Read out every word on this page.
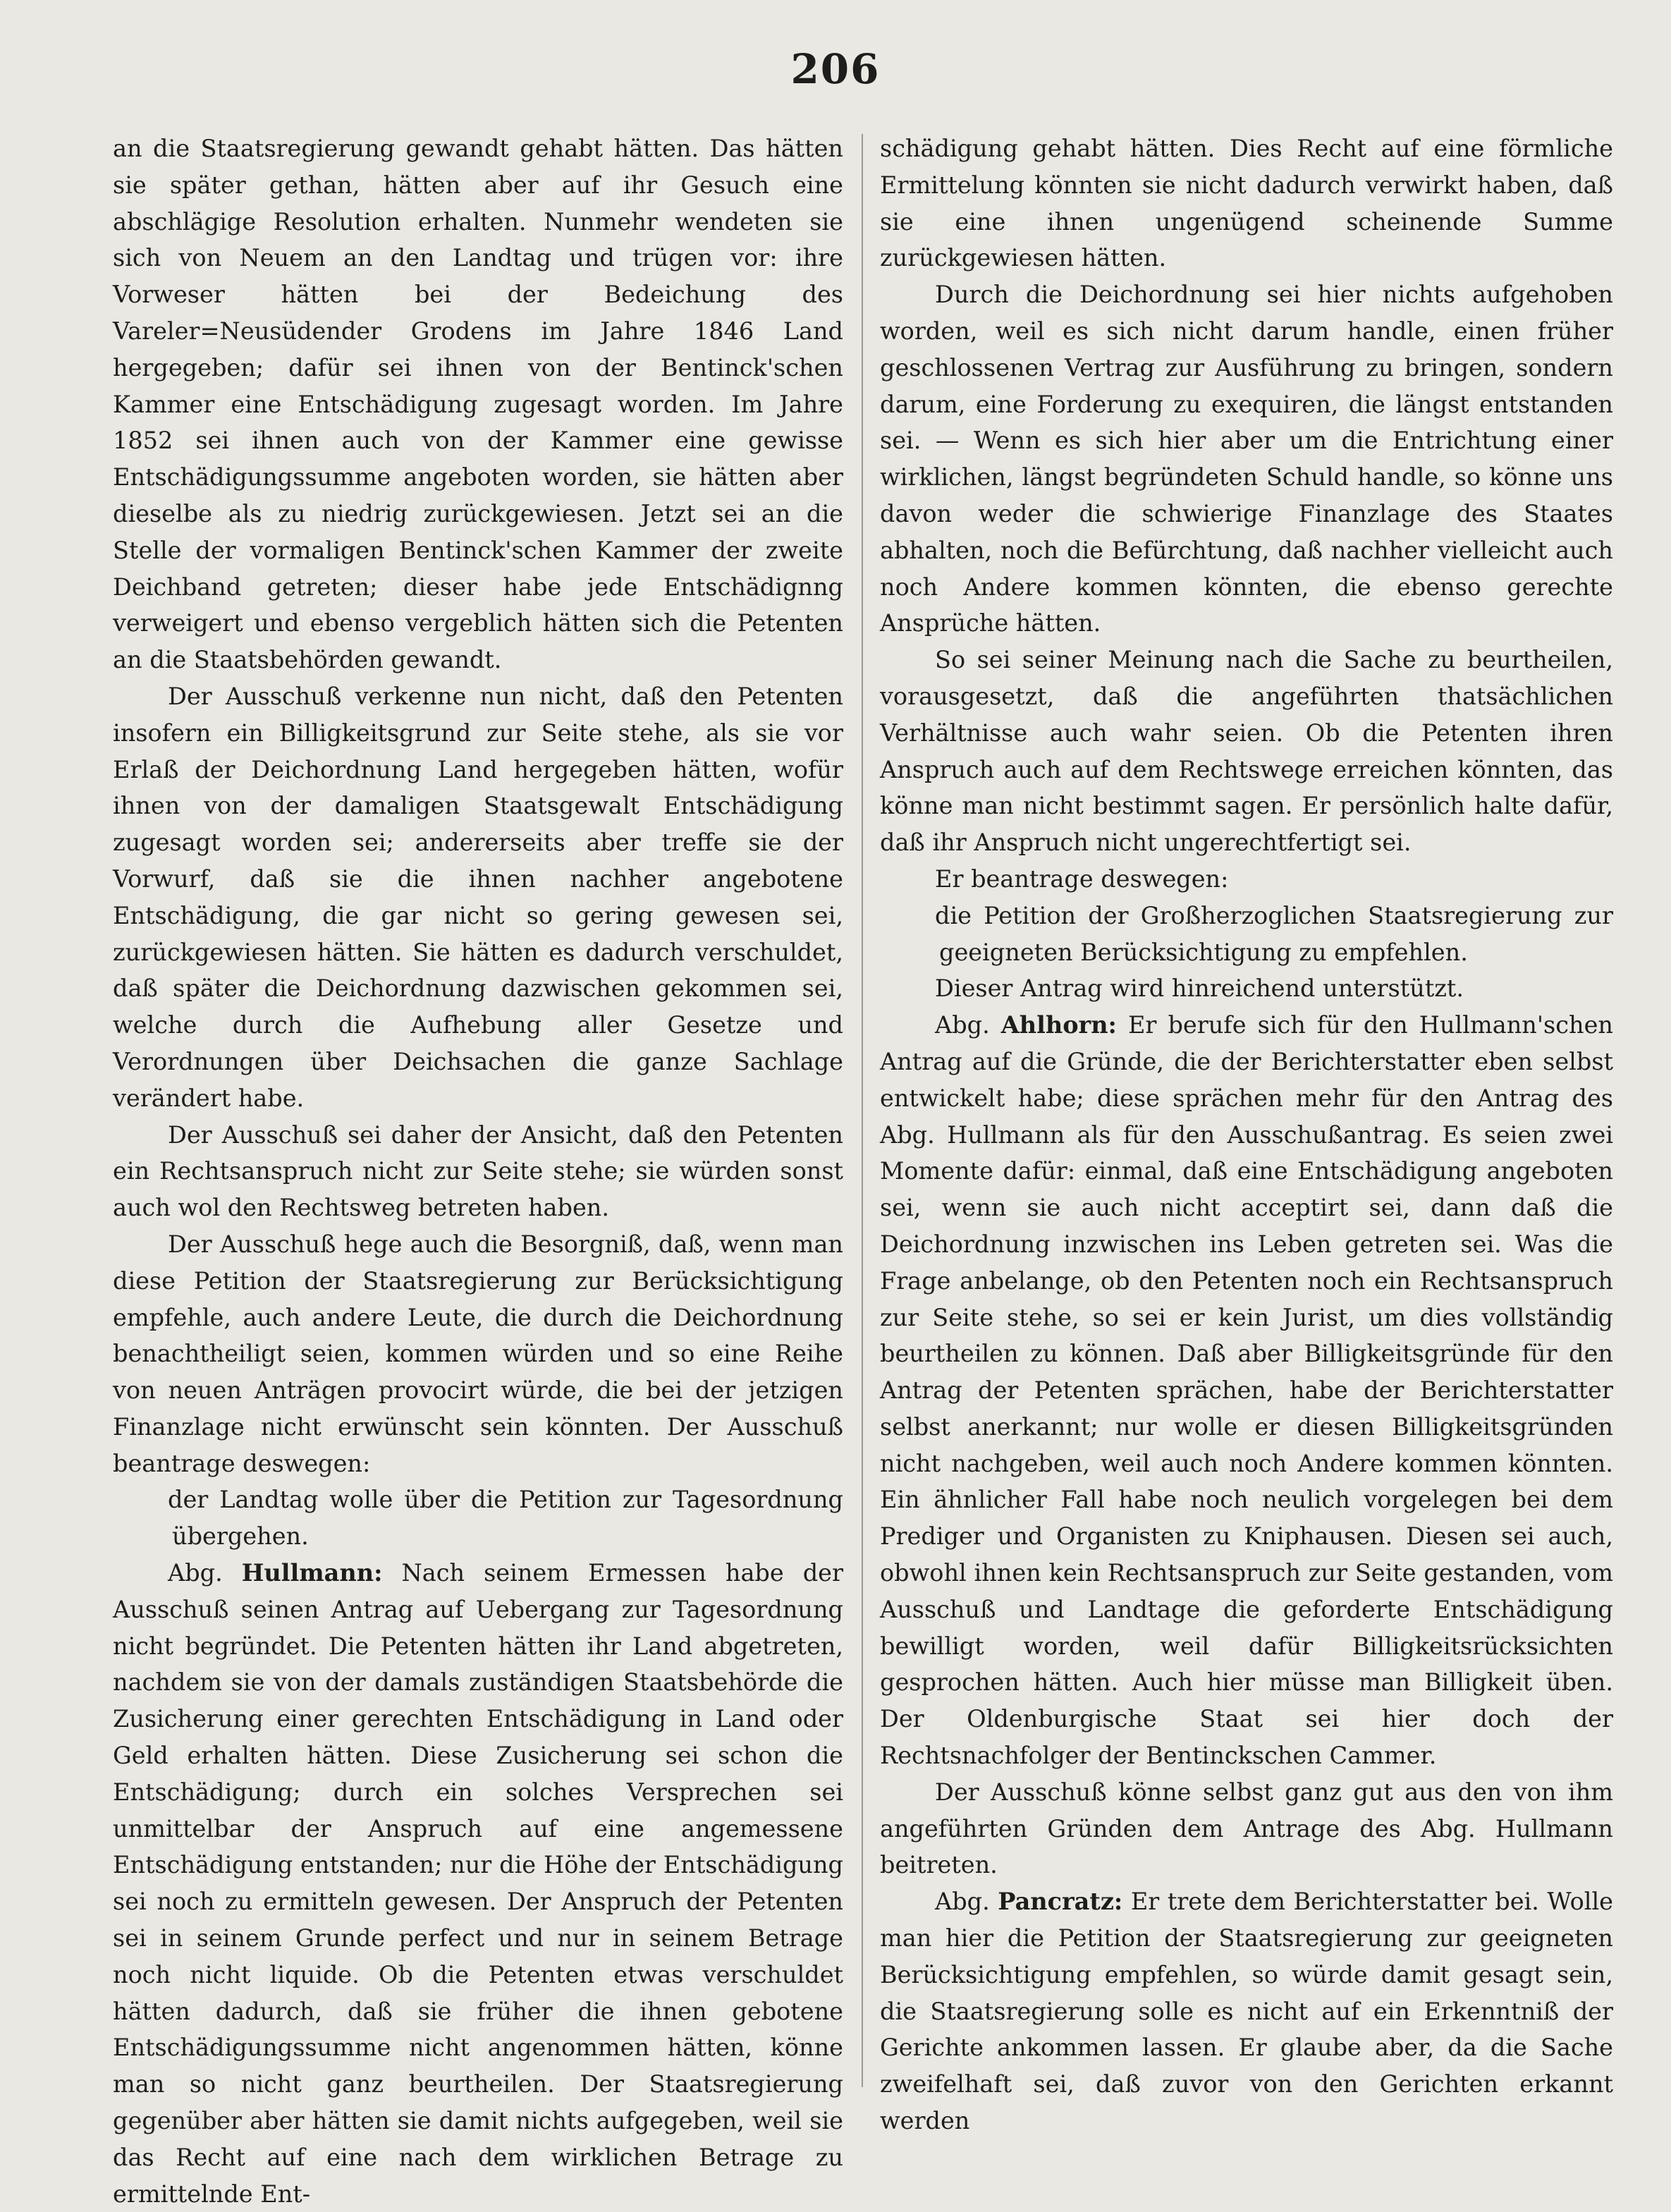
206

an die Staatsregierung gewandt gehabt hätten. Das hätten sie später gethan, hätten aber auf ihr Gesuch eine abschlägige Resolution erhalten. Nunmehr wendeten sie sich von Neuem an den Landtag und trügen vor: ihre Vorweser hätten bei der Bedeichung des Vareler=Neusüdender Grodens im Jahre 1846 Land hergegeben; dafür sei ihnen von der Bentinck'schen Kammer eine Entschädigung zugesagt worden. Im Jahre 1852 sei ihnen auch von der Kammer eine gewisse Entschädigungssumme angeboten worden, sie hätten aber dieselbe als zu niedrig zurückgewiesen. Jetzt sei an die Stelle der vormaligen Bentinck'schen Kammer der zweite Deichband getreten; dieser habe jede Entschädignng verweigert und ebenso vergeblich hätten sich die Petenten an die Staatsbehörden gewandt.

Der Ausschuß verkenne nun nicht, daß den Petenten insofern ein Billigkeitsgrund zur Seite stehe, als sie vor Erlaß der Deichordnung Land hergegeben hätten, wofür ihnen von der damaligen Staatsgewalt Entschädigung zugesagt worden sei; andererseits aber treffe sie der Vorwurf, daß sie die ihnen nachher angebotene Entschädigung, die gar nicht so gering gewesen sei, zurückgewiesen hätten. Sie hätten es dadurch verschuldet, daß später die Deichordnung dazwischen gekommen sei, welche durch die Aufhebung aller Gesetze und Verordnungen über Deichsachen die ganze Sachlage verändert habe.

Der Ausschuß sei daher der Ansicht, daß den Petenten ein Rechtsanspruch nicht zur Seite stehe; sie würden sonst auch wol den Rechtsweg betreten haben.

Der Ausschuß hege auch die Besorgniß, daß, wenn man diese Petition der Staatsregierung zur Berücksichtigung empfehle, auch andere Leute, die durch die Deichordnung benachtheiligt seien, kommen würden und so eine Reihe von neuen Anträgen provocirt würde, die bei der jetzigen Finanzlage nicht erwünscht sein könnten. Der Ausschuß beantrage deswegen:

der Landtag wolle über die Petition zur Tagesordnung übergehen.

Abg. Hullmann: Nach seinem Ermessen habe der Ausschuß seinen Antrag auf Uebergang zur Tagesordnung nicht begründet. Die Petenten hätten ihr Land abgetreten, nachdem sie von der damals zuständigen Staatsbehörde die Zusicherung einer gerechten Entschädigung in Land oder Geld erhalten hätten. Diese Zusicherung sei schon die Entschädigung; durch ein solches Versprechen sei unmittelbar der Anspruch auf eine angemessene Entschädigung entstanden; nur die Höhe der Entschädigung sei noch zu ermitteln gewesen. Der Anspruch der Petenten sei in seinem Grunde perfect und nur in seinem Betrage noch nicht liquide. Ob die Petenten etwas verschuldet hätten dadurch, daß sie früher die ihnen gebotene Entschädigungssumme nicht angenommen hätten, könne man so nicht ganz beurtheilen. Der Staatsregierung gegenüber aber hätten sie damit nichts aufgegeben, weil sie das Recht auf eine nach dem wirklichen Betrage zu ermittelnde Ent-

schädigung gehabt hätten. Dies Recht auf eine förmliche Ermittelung könnten sie nicht dadurch verwirkt haben, daß sie eine ihnen ungenügend scheinende Summe zurückgewiesen hätten.

Durch die Deichordnung sei hier nichts aufgehoben worden, weil es sich nicht darum handle, einen früher geschlossenen Vertrag zur Ausführung zu bringen, sondern darum, eine Forderung zu exequiren, die längst entstanden sei. — Wenn es sich hier aber um die Entrichtung einer wirklichen, längst begründeten Schuld handle, so könne uns davon weder die schwierige Finanzlage des Staates abhalten, noch die Befürchtung, daß nachher vielleicht auch noch Andere kommen könnten, die ebenso gerechte Ansprüche hätten.

So sei seiner Meinung nach die Sache zu beurtheilen, vorausgesetzt, daß die angeführten thatsächlichen Verhältnisse auch wahr seien. Ob die Petenten ihren Anspruch auch auf dem Rechtswege erreichen könnten, das könne man nicht bestimmt sagen. Er persönlich halte dafür, daß ihr Anspruch nicht ungerechtfertigt sei.

Er beantrage deswegen:

die Petition der Großherzoglichen Staatsregierung zur geeigneten Berücksichtigung zu empfehlen.

Dieser Antrag wird hinreichend unterstützt.

Abg. Ahlhorn: Er berufe sich für den Hullmann'schen Antrag auf die Gründe, die der Berichterstatter eben selbst entwickelt habe; diese sprächen mehr für den Antrag des Abg. Hullmann als für den Ausschußantrag. Es seien zwei Momente dafür: einmal, daß eine Entschädigung angeboten sei, wenn sie auch nicht acceptirt sei, dann daß die Deichordnung inzwischen ins Leben getreten sei. Was die Frage anbelange, ob den Petenten noch ein Rechtsanspruch zur Seite stehe, so sei er kein Jurist, um dies vollständig beurtheilen zu können. Daß aber Billigkeitsgründe für den Antrag der Petenten sprächen, habe der Berichterstatter selbst anerkannt; nur wolle er diesen Billigkeitsgründen nicht nachgeben, weil auch noch Andere kommen könnten. Ein ähnlicher Fall habe noch neulich vorgelegen bei dem Prediger und Organisten zu Kniphausen. Diesen sei auch, obwohl ihnen kein Rechtsanspruch zur Seite gestanden, vom Ausschuß und Landtage die geforderte Entschädigung bewilligt worden, weil dafür Billigkeitsrücksichten gesprochen hätten. Auch hier müsse man Billigkeit üben. Der Oldenburgische Staat sei hier doch der Rechtsnachfolger der Bentinckschen Cammer.

Der Ausschuß könne selbst ganz gut aus den von ihm angeführten Gründen dem Antrage des Abg. Hullmann beitreten.

Abg. Pancratz: Er trete dem Berichterstatter bei. Wolle man hier die Petition der Staatsregierung zur geeigneten Berücksichtigung empfehlen, so würde damit gesagt sein, die Staatsregierung solle es nicht auf ein Erkenntniß der Gerichte ankommen lassen. Er glaube aber, da die Sache zweifelhaft sei, daß zuvor von den Gerichten erkannt werden
